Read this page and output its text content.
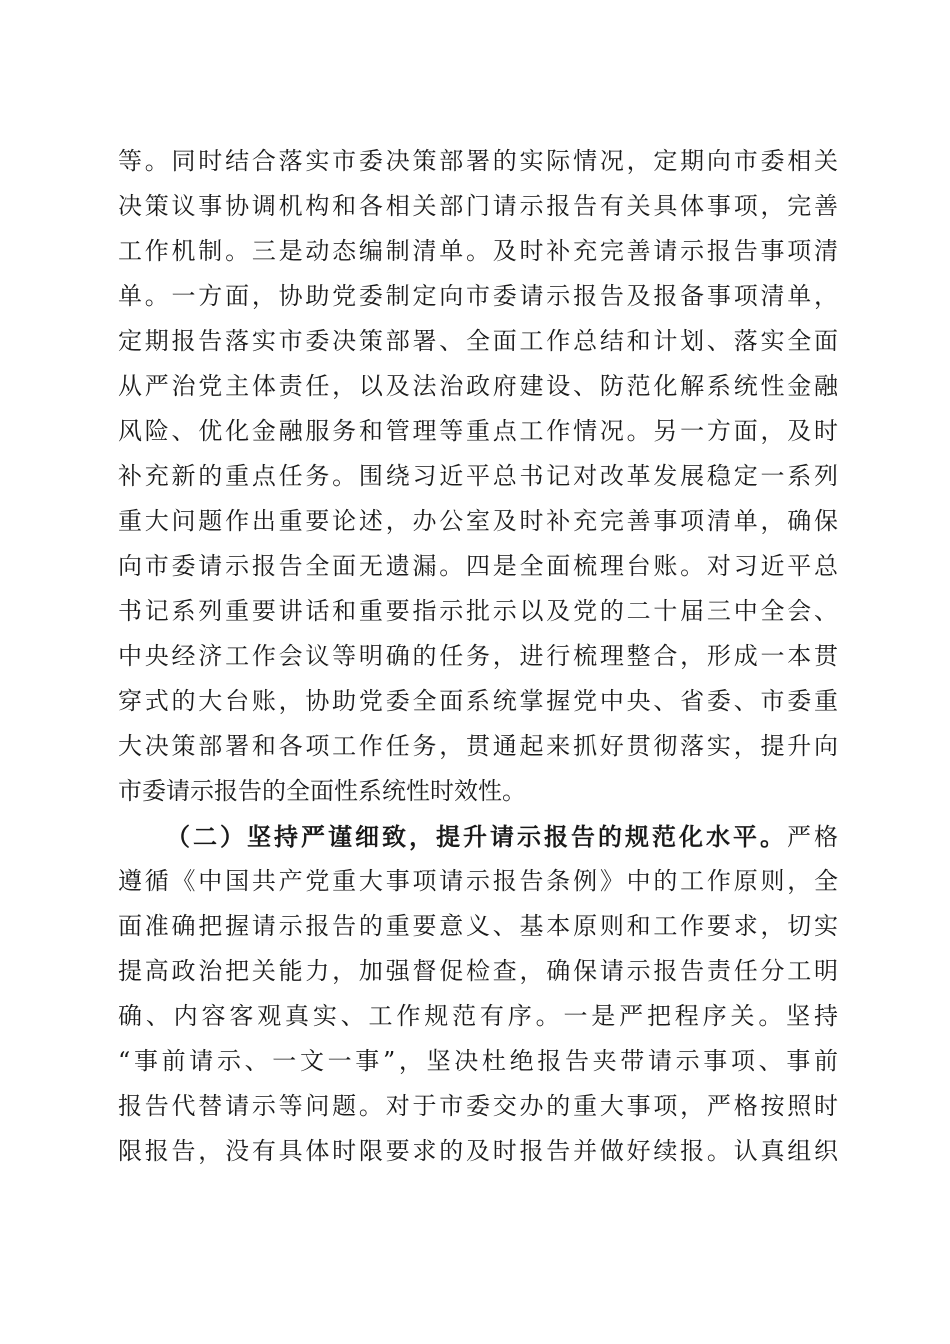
等。同时结合落实市委决策部署的实际情况，定期向市委相关
决策议事协调机构和各相关部门请示报告有关具体事项，完善
工作机制。三是动态编制清单。及时补充完善请示报告事项清
单。一方面，协助党委制定向市委请示报告及报备事项清单，
定期报告落实市委决策部署、全面工作总结和计划、落实全面
从严治党主体责任，以及法治政府建设、防范化解系统性金融
风险、优化金融服务和管理等重点工作情况。另一方面，及时
补充新的重点任务。围绕习近平总书记对改革发展稳定一系列
重大问题作出重要论述，办公室及时补充完善事项清单，确保
向市委请示报告全面无遗漏。四是全面梳理台账。对习近平总
书记系列重要讲话和重要指示批示以及党的二十届三中全会、
中央经济工作会议等明确的任务，进行梳理整合，形成一本贯
穿式的大台账，协助党委全面系统掌握党中央、省委、市委重
大决策部署和各项工作任务，贯通起来抓好贯彻落实，提升向
市委请示报告的全面性系统性时效性。
（二）坚持严谨细致，提升请示报告的规范化水平。严格
遵循《中国共产党重大事项请示报告条例》中的工作原则，全
面准确把握请示报告的重要意义、基本原则和工作要求，切实
提高政治把关能力，加强督促检查，确保请示报告责任分工明
确、内容客观真实、工作规范有序。一是严把程序关。坚持
“事前请示、一文一事”，坚决杜绝报告夹带请示事项、事前
报告代替请示等问题。对于市委交办的重大事项，严格按照时
限报告，没有具体时限要求的及时报告并做好续报。认真组织
